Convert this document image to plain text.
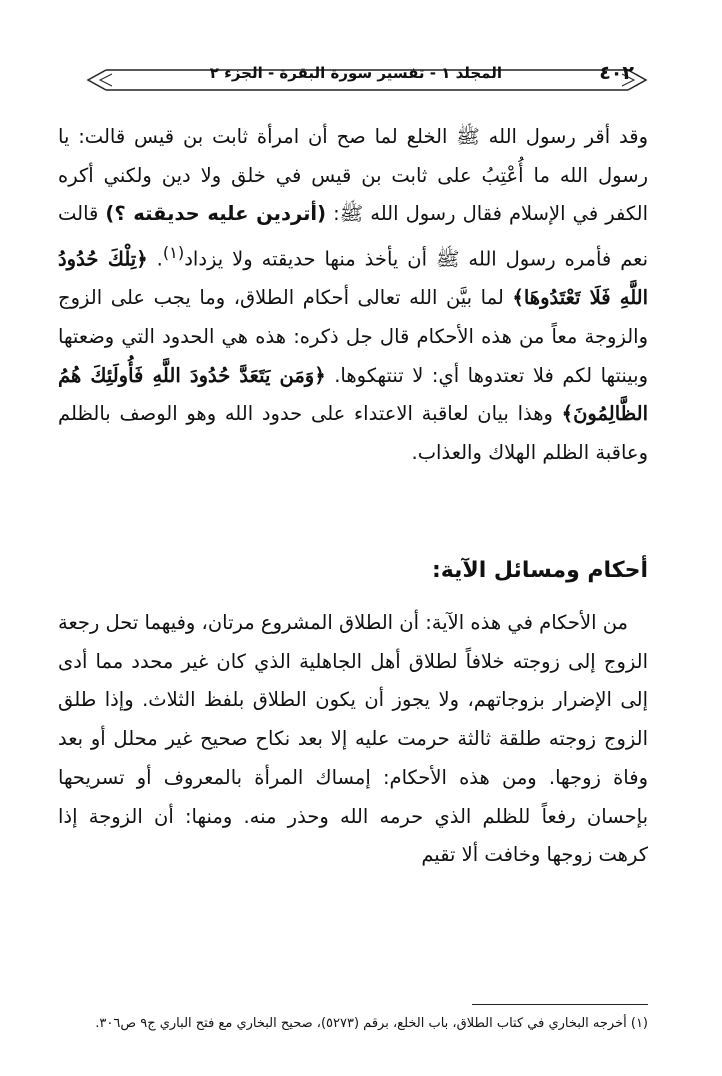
المجلد ١ - تفسير سورة البقرة - الجزء ٢	٤٠٢

وقد أقر رسول الله ﷺ الخلع لما صح أن امرأة ثابت بن قيس قالت: يا رسول الله ما أُعْتِبُ على ثابت بن قيس في خلق ولا دين ولكني أكره الكفر في الإسلام فقال رسول الله ﷺ: (أتردين عليه حديقته ؟) قالت نعم فأمره رسول الله ﷺ أن يأخذ منها حديقته ولا يزداد$^{(١)}$. ﴿تِلْكَ حُدُودُ اللَّهِ فَلَا تَعْتَدُوهَا﴾ لما بيَّن الله تعالى أحكام الطلاق، وما يجب على الزوج والزوجة معاً من هذه الأحكام قال جل ذكره: هذه هي الحدود التي وضعتها وبينتها لكم فلا تعتدوها أي: لا تنتهكوها. ﴿وَمَن يَتَعَدَّ حُدُودَ اللَّهِ فَأُولَئِكَ هُمُ الظَّالِمُونَ﴾ وهذا بيان لعاقبة الاعتداء على حدود الله وهو الوصف بالظلم وعاقبة الظلم الهلاك والعذاب.

أحكام ومسائل الآية:

من الأحكام في هذه الآية: أن الطلاق المشروع مرتان، وفيهما تحل رجعة الزوج إلى زوجته خلافاً لطلاق أهل الجاهلية الذي كان غير محدد مما أدى إلى الإضرار بزوجاتهم، ولا يجوز أن يكون الطلاق بلفظ الثلاث. وإذا طلق الزوج زوجته طلقة ثالثة حرمت عليه إلا بعد نكاح صحيح غير محلل أو بعد وفاة زوجها. ومن هذه الأحكام: إمساك المرأة بالمعروف أو تسريحها بإحسان رفعاً للظلم الذي حرمه الله وحذر منه. ومنها: أن الزوجة إذا كرهت زوجها وخافت ألا تقيم

(١) أخرجه البخاري في كتاب الطلاق، باب الخلع، برقم (٥٢٧٣)، صحيح البخاري مع فتح الباري ج٩ ص٣٠٦.
